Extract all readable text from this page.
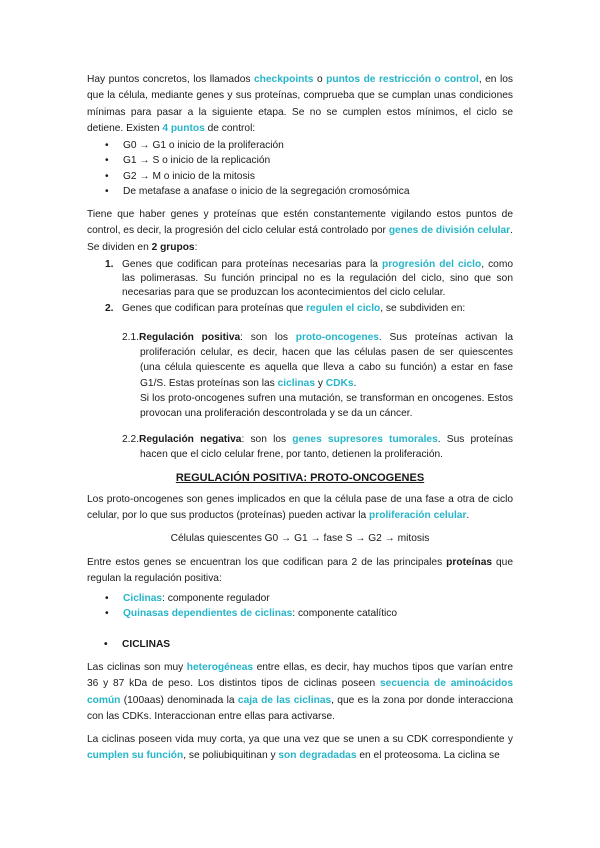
Hay puntos concretos, los llamados checkpoints o puntos de restricción o control, en los que la célula, mediante genes y sus proteínas, comprueba que se cumplan unas condiciones mínimas para pasar a la siguiente etapa. Se no se cumplen estos mínimos, el ciclo se detiene. Existen 4 puntos de control:

• G0 → G1 o inicio de la proliferación
• G1 → S o inicio de la replicación
• G2 → M o inicio de la mitosis
• De metafase a anafase o inicio de la segregación cromosómica

Tiene que haber genes y proteínas que estén constantemente vigilando estos puntos de control, es decir, la progresión del ciclo celular está controlado por genes de división celular. Se dividen en 2 grupos:

1. Genes que codifican para proteínas necesarias para la progresión del ciclo, como las polimerasas. Su función principal no es la regulación del ciclo, sino que son necesarias para que se produzcan los acontecimientos del ciclo celular.
2. Genes que codifican para proteínas que regulen el ciclo, se subdividen en:
2.1.Regulación positiva: son los proto-oncogenes. Sus proteínas activan la proliferación celular, es decir, hacen que las células pasen de ser quiescentes (una célula quiescente es aquella que lleva a cabo su función) a estar en fase G1/S. Estas proteínas son las ciclinas y CDKs.
Si los proto-oncogenes sufren una mutación, se transforman en oncogenes. Estos provocan una proliferación descontrolada y se da un cáncer.
2.2.Regulación negativa: son los genes supresores tumorales. Sus proteínas hacen que el ciclo celular frene, por tanto, detienen la proliferación.
REGULACIÓN POSITIVA: PROTO-ONCOGENES

Los proto-oncogenes son genes implicados en que la célula pase de una fase a otra de ciclo celular, por lo que sus productos (proteínas) pueden activar la proliferación celular.

Células quiescentes G0 → G1 → fase S → G2 → mitosis

Entre estos genes se encuentran los que codifican para 2 de las principales proteínas que regulan la regulación positiva:

• Ciclinas: componente regulador
• Quinasas dependientes de ciclinas: componente catalítico
• CICLINAS

Las ciclinas son muy heterogéneas entre ellas, es decir, hay muchos tipos que varían entre 36 y 87 kDa de peso. Los distintos tipos de ciclinas poseen secuencia de aminoácidos común (100aas) denominada la caja de las ciclinas, que es la zona por donde interacciona con las CDKs. Interaccionan entre ellas para activarse.

La ciclinas poseen vida muy corta, ya que una vez que se unen a su CDK correspondiente y cumplen su función, se poliubiquitinan y son degradadas en el proteosoma. La ciclina se
